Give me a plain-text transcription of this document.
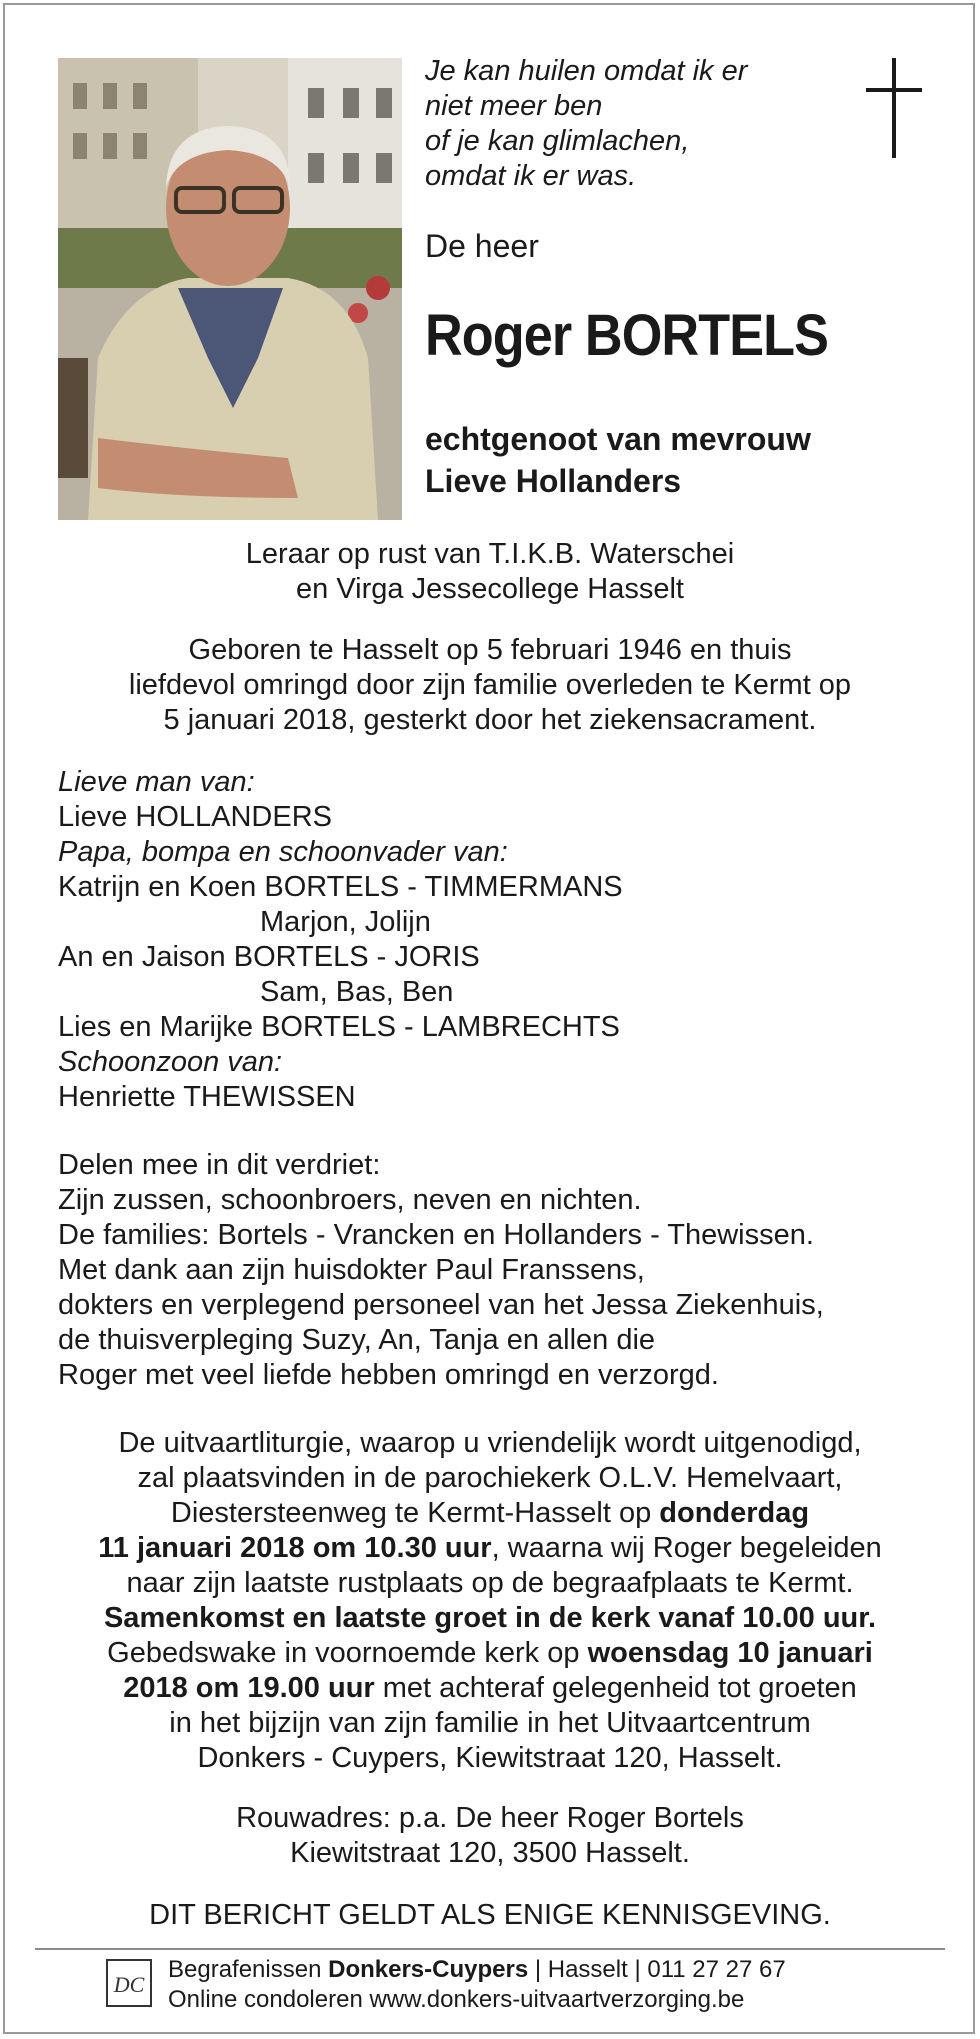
Je kan huilen omdat ik er
niet meer ben
of je kan glimlachen,
omdat ik er was.
De heer
Roger BORTELS
echtgenoot van mevrouw
Lieve Hollanders
Leraar op rust van T.I.K.B. Waterschei
en Virga Jessecollege Hasselt
Geboren te Hasselt op 5 februari 1946 en thuis
liefdevol omringd door zijn familie overleden te Kermt op
5 januari 2018, gesterkt door het ziekensacrament.
Lieve man van:
Lieve HOLLANDERS
Papa, bompa en schoonvader van:
Katrijn en Koen BORTELS - TIMMERMANS
Marjon, Jolijn
An en Jaison BORTELS - JORIS
Sam, Bas, Ben
Lies en Marijke BORTELS - LAMBRECHTS
Schoonzoon van:
Henriette THEWISSEN
Delen mee in dit verdriet:
Zijn zussen, schoonbroers, neven en nichten.
De families: Bortels - Vrancken en Hollanders - Thewissen.
Met dank aan zijn huisdokter Paul Franssens,
dokters en verplegend personeel van het Jessa Ziekenhuis,
de thuisverpleging Suzy, An, Tanja en allen die
Roger met veel liefde hebben omringd en verzorgd.
De uitvaartliturgie, waarop u vriendelijk wordt uitgenodigd,
zal plaatsvinden in de parochiekerk O.L.V. Hemelvaart,
Diestersteenweg te Kermt-Hasselt op donderdag
11 januari 2018 om 10.30 uur, waarna wij Roger begeleiden
naar zijn laatste rustplaats op de begraafplaats te Kermt.
Samenkomst en laatste groet in de kerk vanaf 10.00 uur.
Gebedswake in voornoemde kerk op woensdag 10 januari
2018 om 19.00 uur met achteraf gelegenheid tot groeten
in het bijzijn van zijn familie in het Uitvaartcentrum
Donkers - Cuypers, Kiewitstraat 120, Hasselt.
Rouwadres: p.a. De heer Roger Bortels
Kiewitstraat 120, 3500 Hasselt.
DIT BERICHT GELDT ALS ENIGE KENNISGEVING.
DC
Begrafenissen Donkers-Cuypers | Hasselt | 011 27 27 67
Online condoleren www.donkers-uitvaartverzorging.be
